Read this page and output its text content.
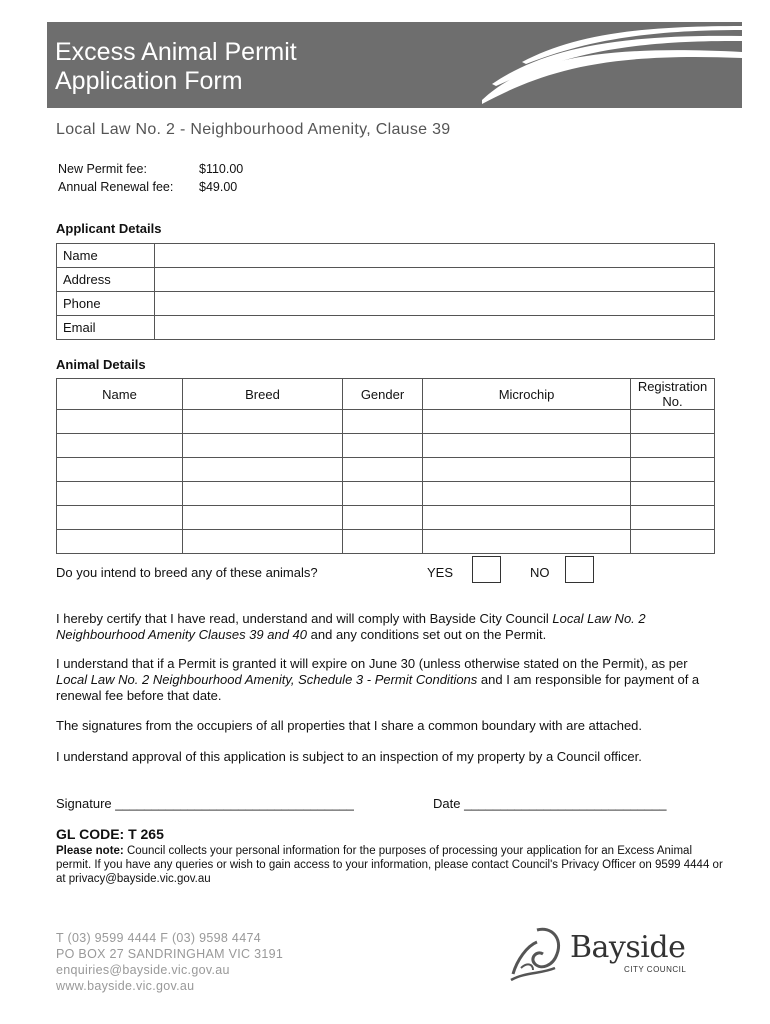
Excess Animal Permit
Application Form
Local Law No. 2 - Neighbourhood Amenity, Clause 39
New Permit fee:	$110.00
Annual Renewal fee:	$49.00
Applicant Details
Name	
Address	
Phone	
Email	
Animal Details
Name	Breed	Gender	Microchip	Registration No.

Do you intend to breed any of these animals?	YES	NO
I hereby certify that I have read, understand and will comply with Bayside City Council Local Law No. 2 Neighbourhood Amenity Clauses 39 and 40 and any conditions set out on the Permit.
I understand that if a Permit is granted it will expire on June 30 (unless otherwise stated on the Permit), as per Local Law No. 2 Neighbourhood Amenity, Schedule 3 - Permit Conditions and I am responsible for payment of a renewal fee before that date.
The signatures from the occupiers of all properties that I share a common boundary with are attached.
I understand approval of this application is subject to an inspection of my property by a Council officer.
Signature _________________________________	Date ____________________________
GL CODE: T 265
Please note: Council collects your personal information for the purposes of processing your application for an Excess Animal permit. If you have any queries or wish to gain access to your information, please contact Council's Privacy Officer on 9599 4444 or at privacy@bayside.vic.gov.au
T (03) 9599 4444 F (03) 9598 4474
PO BOX 27 SANDRINGHAM VIC 3191
enquiries@bayside.vic.gov.au
www.bayside.vic.gov.au
Bayside
CITY COUNCIL
